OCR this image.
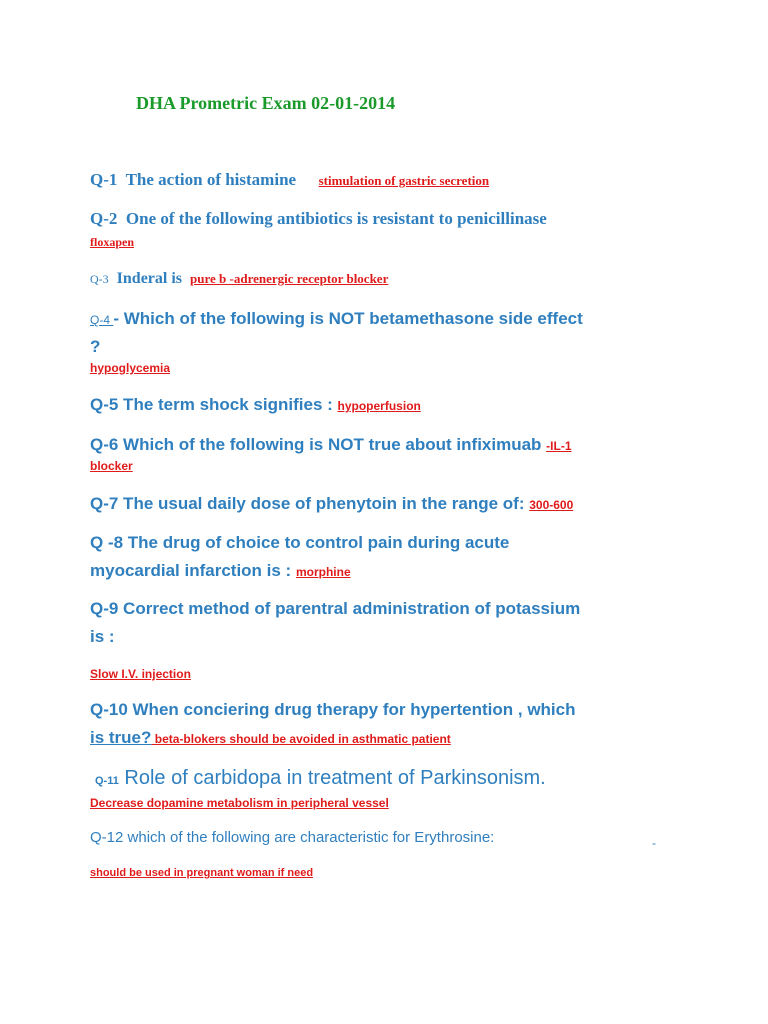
DHA Prometric Exam 02-01-2014
Q-1 The action of histamine stimulation of gastric secretion
Q-2 One of the following antibiotics is resistant to penicillinase
floxapen
Q-3 Inderal is pure b -adrenergic receptor blocker
Q-4 - Which of the following is NOT betamethasone side effect
?
hypoglycemia
Q-5 The term shock signifies : hypoperfusion
Q-6 Which of the following is NOT true about infiximuab -IL-1
blocker
Q-7 The usual daily dose of phenytoin in the range of: 300-600
Q -8 The drug of choice to control pain during acute
myocardial infarction is : morphine
Q-9 Correct method of parentral administration of potassium
is :
Slow I.V. injection
Q-10 When conciering drug therapy for hypertention , which
is true? beta-blokers should be avoided in asthmatic patient
Q-11 Role of carbidopa in treatment of Parkinsonism.
Decrease dopamine metabolism in peripheral vessel
Q-12 which of the following are characteristic for Erythrosine:	-
should be used in pregnant woman if need
